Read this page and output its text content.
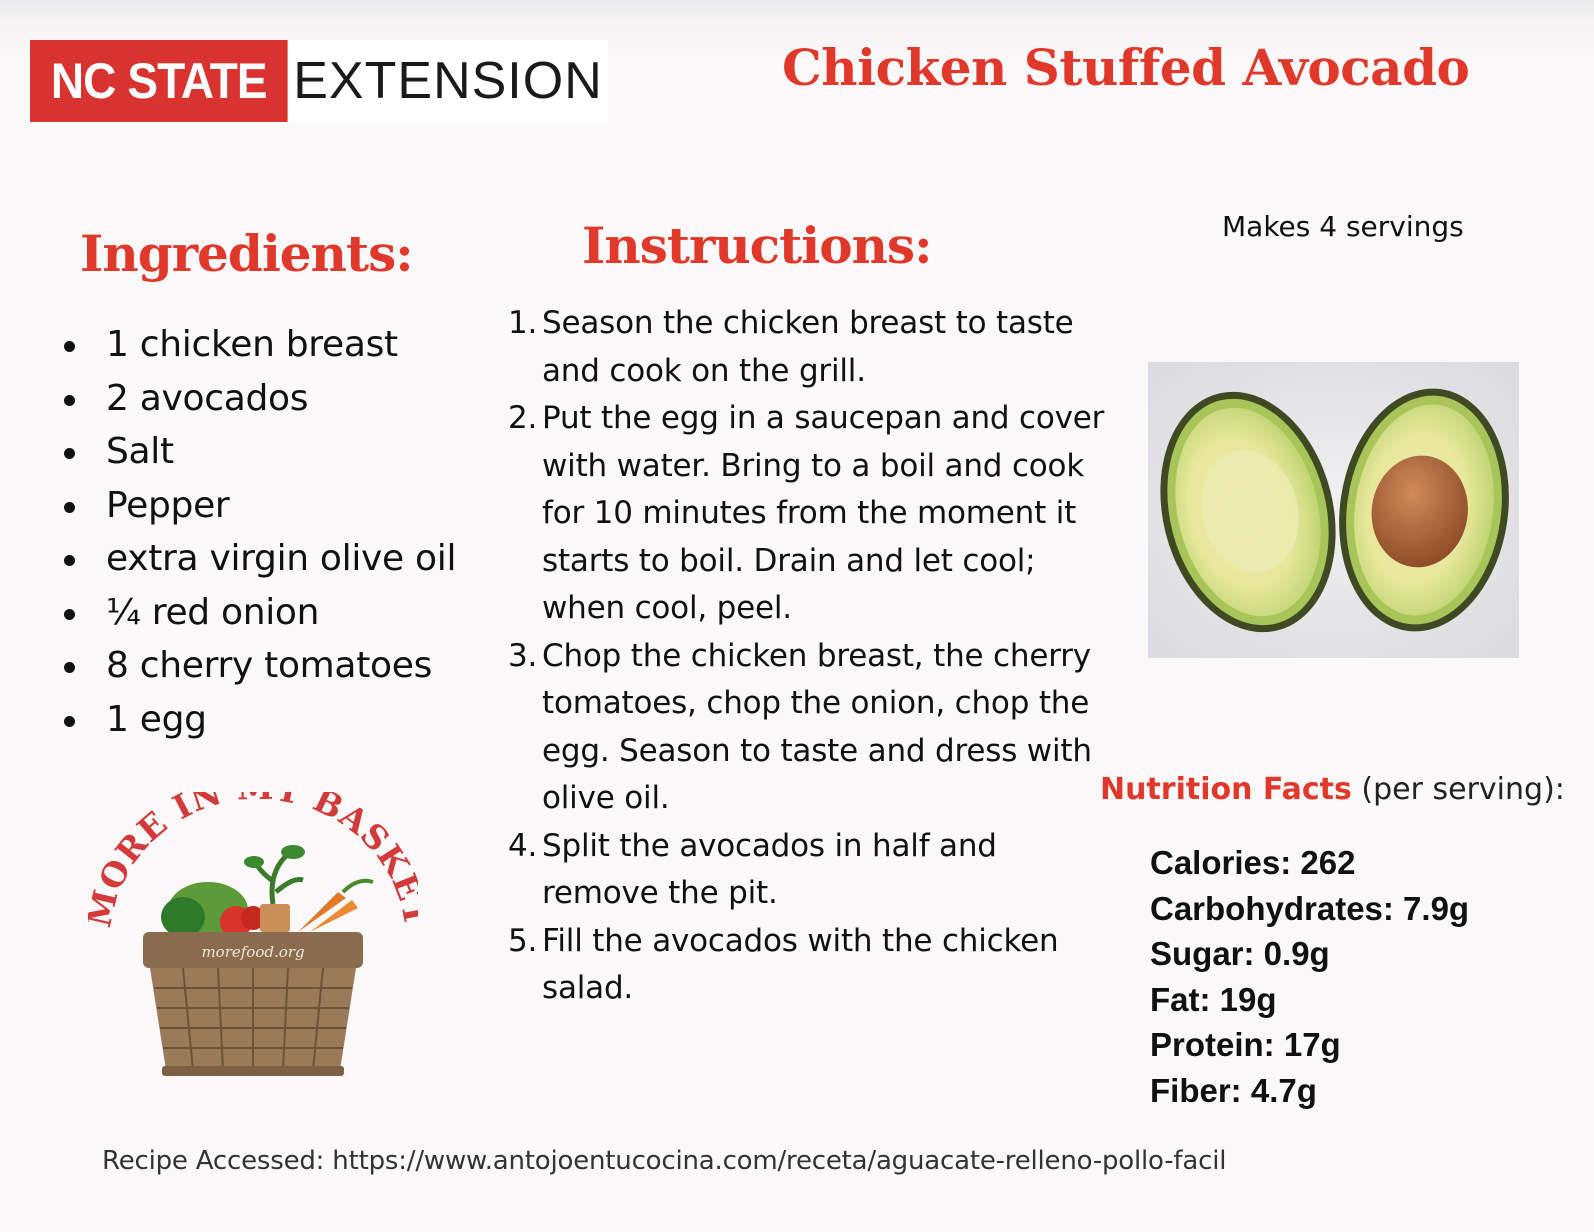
NC STATE EXTENSION	Chicken Stuffed Avocado
Ingredients:	Instructions:	Makes 4 servings
1 chicken breast
2 avocados
Salt
Pepper
extra virgin olive oil
¼ red onion
8 cherry tomatoes
1 egg
1. Season the chicken breast to taste and cook on the grill.
2. Put the egg in a saucepan and cover with water. Bring to a boil and cook for 10 minutes from the moment it starts to boil. Drain and let cool; when cool, peel.
3. Chop the chicken breast, the cherry tomatoes, chop the onion, chop the egg. Season to taste and dress with olive oil.
4. Split the avocados in half and remove the pit.
5. Fill the avocados with the chicken salad.
Nutrition Facts (per serving):
Calories: 262
Carbohydrates: 7.9g
Sugar: 0.9g
Fat: 19g
Protein: 17g
Fiber: 4.7g
ORE IN BASK
morefood.org
Recipe Accessed: https://www.antojoentucocina.com/receta/aguacate-relleno-pollo-facil
